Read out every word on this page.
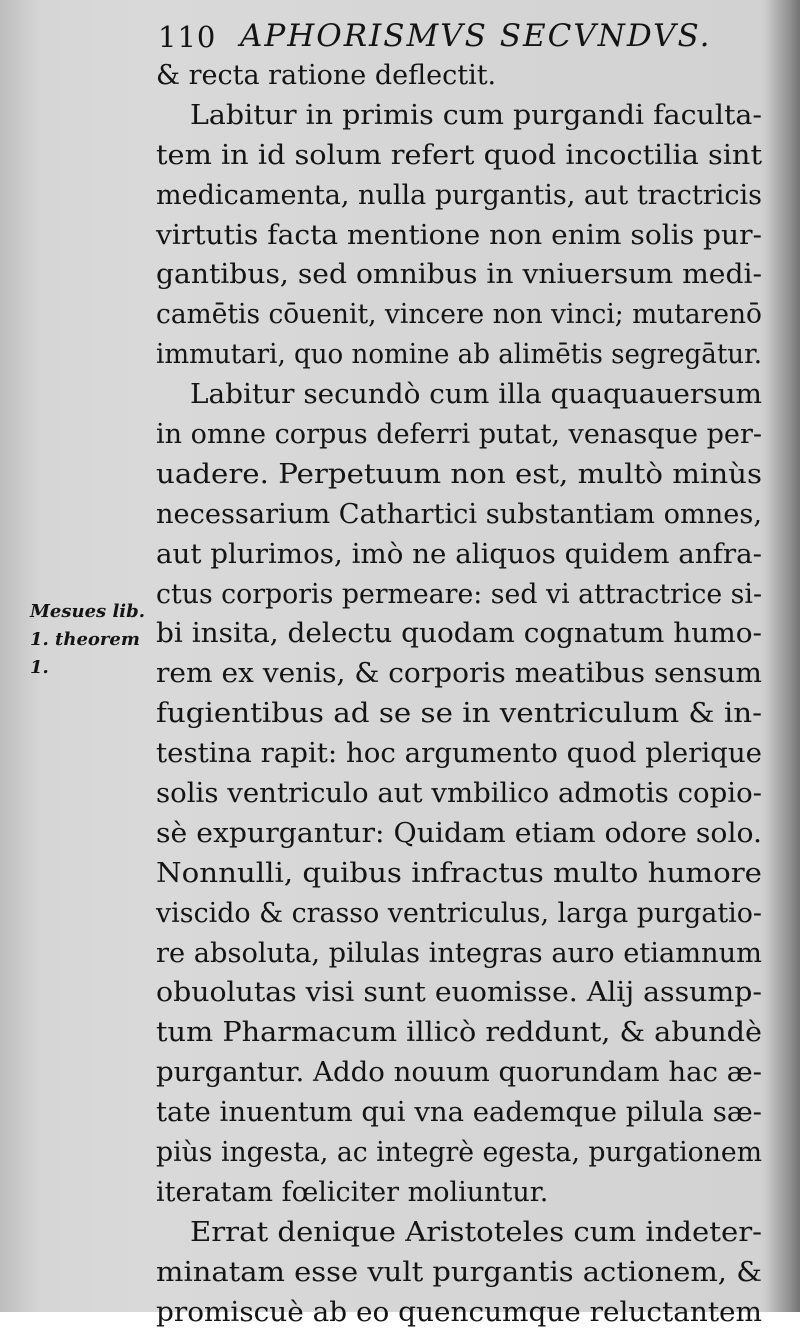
110 APHORISMVS SECVNDVS.
Mesues lib.
1. theorem
1.
& recta ratione deflectit.
Labitur in primis cum purgandi faculta-
tem in id solum refert quod incoctilia sint
medicamenta, nulla purgantis, aut tractricis
virtutis facta mentione non enim solis pur-
gantibus, sed omnibus in vniuersum medi-
camētis cōuenit, vincere non vinci; mutarenō
immutari, quo nomine ab alimētis segregātur.
Labitur secundò cum illa quaquauersum
in omne corpus deferri putat, venasque per-
uadere. Perpetuum non est, multò minùs
necessarium Cathartici substantiam omnes,
aut plurimos, imò ne aliquos quidem anfra-
ctus corporis permeare: sed vi attractrice si-
bi insita, delectu quodam cognatum humo-
rem ex venis, & corporis meatibus sensum
fugientibus ad se se in ventriculum & in-
testina rapit: hoc argumento quod plerique
solis ventriculo aut vmbilico admotis copio-
sè expurgantur: Quidam etiam odore solo.
Nonnulli, quibus infractus multo humore
viscido & crasso ventriculus, larga purgatio-
re absoluta, pilulas integras auro etiamnum
obuolutas visi sunt euomisse. Alij assump-
tum Pharmacum illicò reddunt, & abundè
purgantur. Addo nouum quorundam hac æ-
tate inuentum qui vna eademque pilula sæ-
piùs ingesta, ac integrè egesta, purgationem
iteratam fœliciter moliuntur.
Errat denique Aristoteles cum indeter-
minatam esse vult purgantis actionem, &
promiscuè ab eo quencumque reluctantem
